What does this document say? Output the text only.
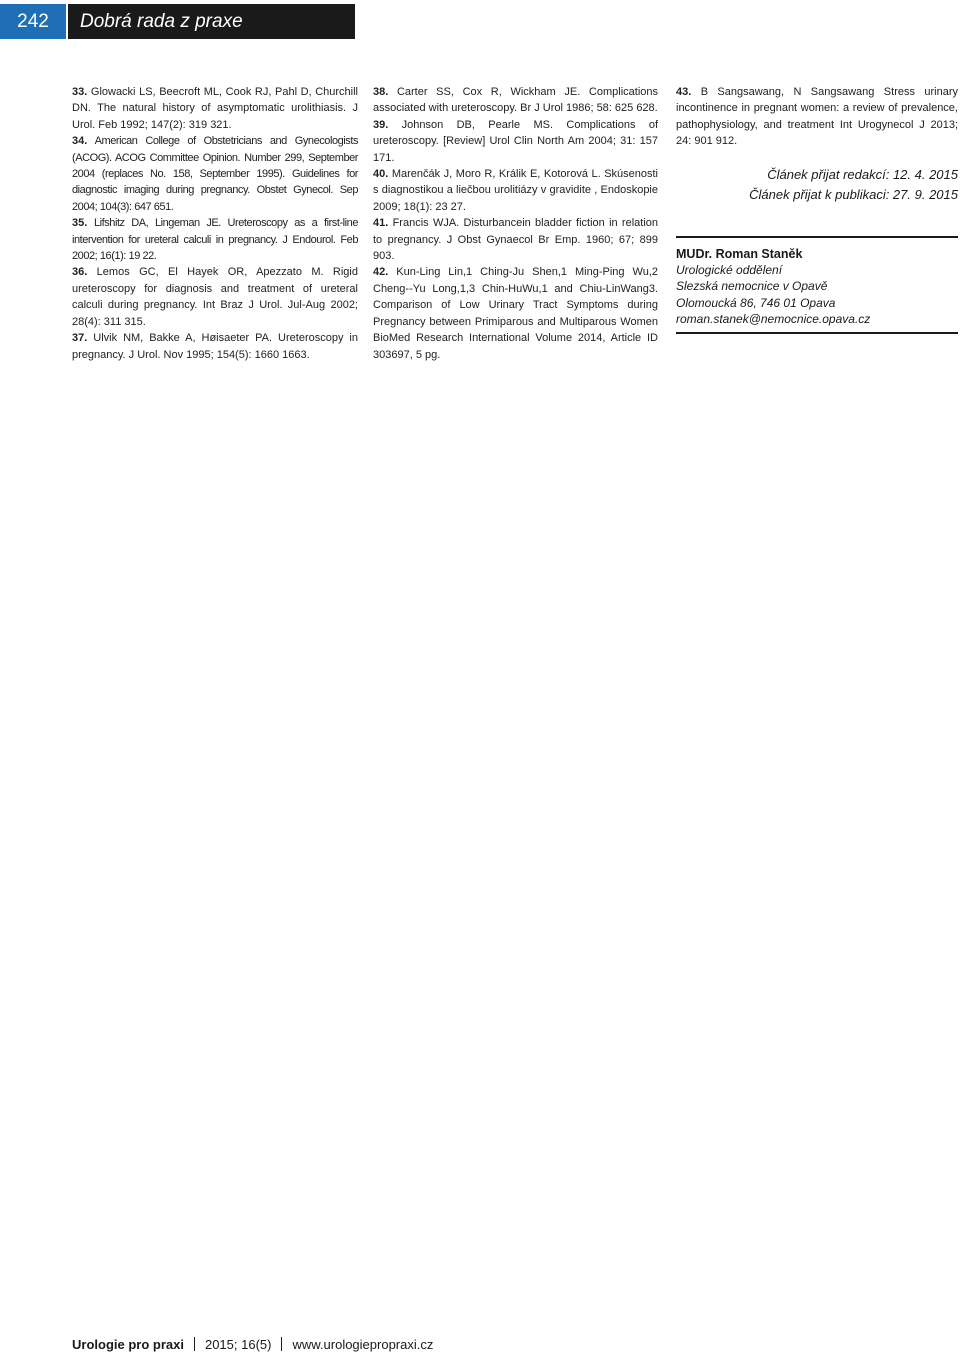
242	Dobrá rada z praxe

33. Glowacki LS, Beecroft ML, Cook RJ, Pahl D, Churchill DN. The natural history of asymptomatic urolithiasis. J Urol. Feb 1992; 147(2): 319 321.

34. American College of Obstetricians and Gynecologists (ACOG). ACOG Committee Opinion. Number 299, September 2004 (replaces No. 158, September 1995). Guidelines for diagnostic imaging during pregnancy. Obstet Gynecol. Sep 2004; 104(3): 647 651.

35. Lifshitz DA, Lingeman JE. Ureteroscopy as a first-line intervention for ureteral calculi in pregnancy. J Endourol. Feb 2002; 16(1): 19 22.

36. Lemos GC, El Hayek OR, Apezzato M. Rigid ureteroscopy for diagnosis and treatment of ureteral calculi during pregnancy. Int Braz J Urol. Jul-Aug 2002; 28(4): 311 315.

37. Ulvik NM, Bakke A, Høisaeter PA. Ureteroscopy in pregnancy. J Urol. Nov 1995; 154(5): 1660 1663.

38. Carter SS, Cox R, Wickham JE. Complications associated with ureteroscopy. Br J Urol 1986; 58: 625 628.

39. Johnson DB, Pearle MS. Complications of ureteroscopy. [Review] Urol Clin North Am 2004; 31: 157 171.

40. Marenčák J, Moro R, Králik E, Kotorová L. Skúsenosti s diagnostikou a liečbou urolitiázy v gravidite , Endoskopie 2009; 18(1): 23 27.

41. Francis WJA. Disturbancein bladder fiction in relation to pregnancy. J Obst Gynaecol Br Emp. 1960; 67; 899 903.

42. Kun-Ling Lin,1 Ching-Ju Shen,1 Ming-Ping Wu,2 Cheng--Yu Long,1,3 Chin-HuWu,1 and Chiu-LinWang3. Comparison of Low Urinary Tract Symptoms during Pregnancy between Primiparous and Multiparous Women BioMed Research International Volume 2014, Article ID 303697, 5 pg.

43. B Sangsawang, N Sangsawang Stress urinary incontinence in pregnant women: a review of prevalence, pathophysiology, and treatment Int Urogynecol J 2013; 24: 901 912.

Článek přijat redakcí: 12. 4. 2015
Článek přijat k publikaci: 27. 9. 2015
MUDr. Roman Staněk
Urologické oddělení
Slezská nemocnice v Opavě
Olomoucká 86, 746 01 Opava
roman.stanek@nemocnice.opava.cz
Urologie pro praxi 2015; 16(5) www.urologiepropraxi.cz
